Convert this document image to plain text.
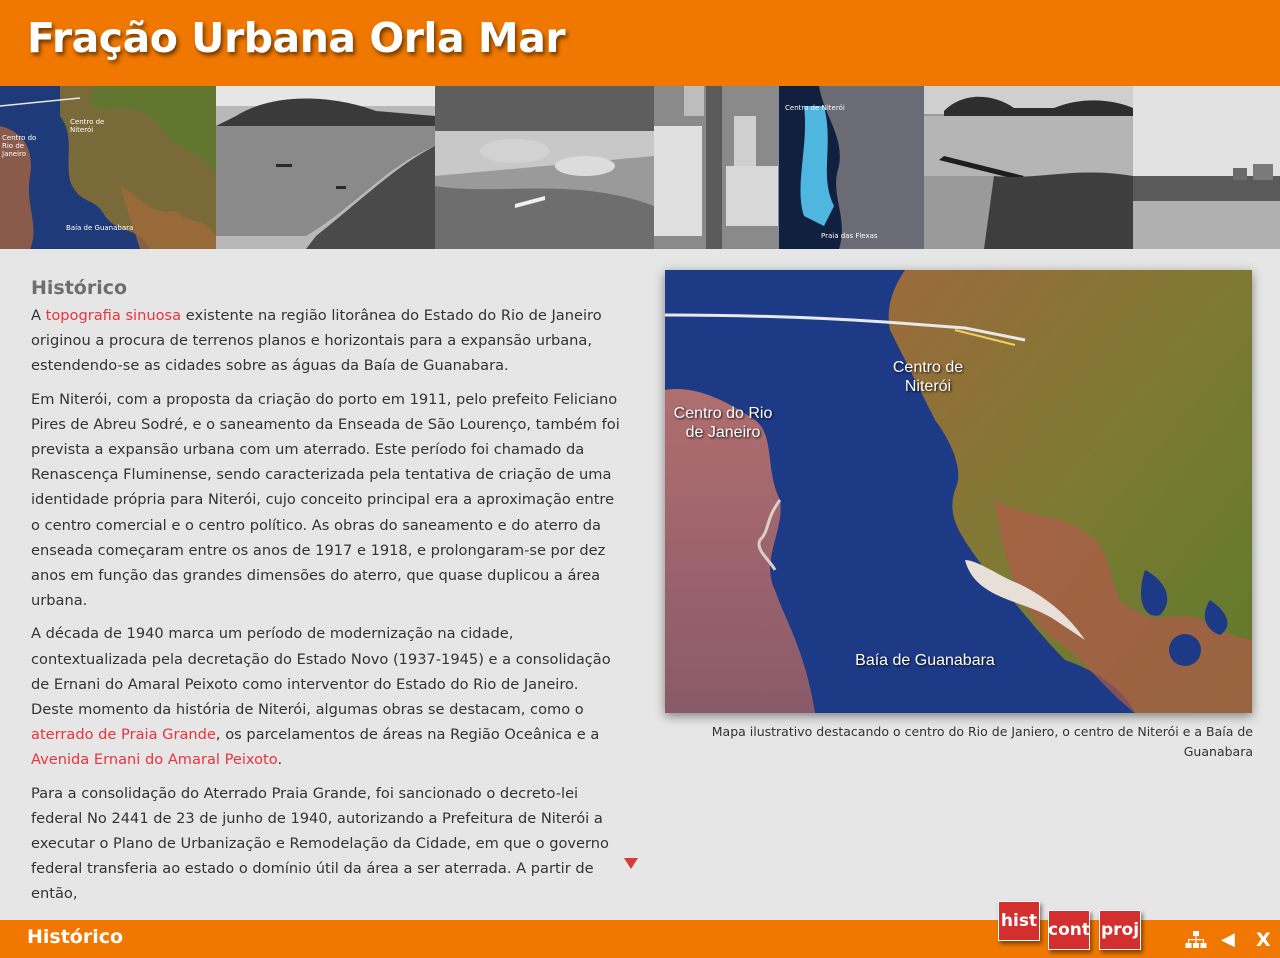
Fração Urbana Orla Mar
Centro de Niterói
Centro do Rio de Janeiro
Baía de Guanabara
Centro de Niterói
Praia das Flexas
Histórico

A topografia sinuosa existente na região litorânea do Estado do Rio de Janeiro originou a procura de terrenos planos e horizontais para a expansão urbana, estendendo-se as cidades sobre as águas da Baía de Guanabara.

Em Niterói, com a proposta da criação do porto em 1911, pelo prefeito Feliciano Pires de Abreu Sodré, e o saneamento da Enseada de São Lourenço, também foi prevista a expansão urbana com um aterrado. Este período foi chamado da Renascença Fluminense, sendo caracterizada pela tentativa de criação de uma identidade própria para Niterói, cujo conceito principal era a aproximação entre o centro comercial e o centro político. As obras do saneamento e do aterro da enseada começaram entre os anos de 1917 e 1918, e prolongaram-se por dez anos em função das grandes dimensões do aterro, que quase duplicou a área urbana.

A década de 1940 marca um período de modernização na cidade, contextualizada pela decretação do Estado Novo (1937-1945) e a consolidação de Ernani do Amaral Peixoto como interventor do Estado do Rio de Janeiro. Deste momento da história de Niterói, algumas obras se destacam, como o aterrado de Praia Grande, os parcelamentos de áreas na Região Oceânica e a Avenida Ernani do Amaral Peixoto.

Para a consolidação do Aterrado Praia Grande, foi sancionado o decreto-lei federal No 2441 de 23 de junho de 1940, autorizando a Prefeitura de Niterói a executar o Plano de Urbanização e Remodelação da Cidade, em que o governo federal transferia ao estado o domínio útil da área a ser aterrada. A partir de então,

Centro de Niterói
Centro do Rio de Janeiro
Baía de Guanabara
Mapa ilustrativo destacando o centro do Rio de Janiero, o centro de Niterói e a Baía de Guanabara
Histórico
hist cont proj	◀ X
